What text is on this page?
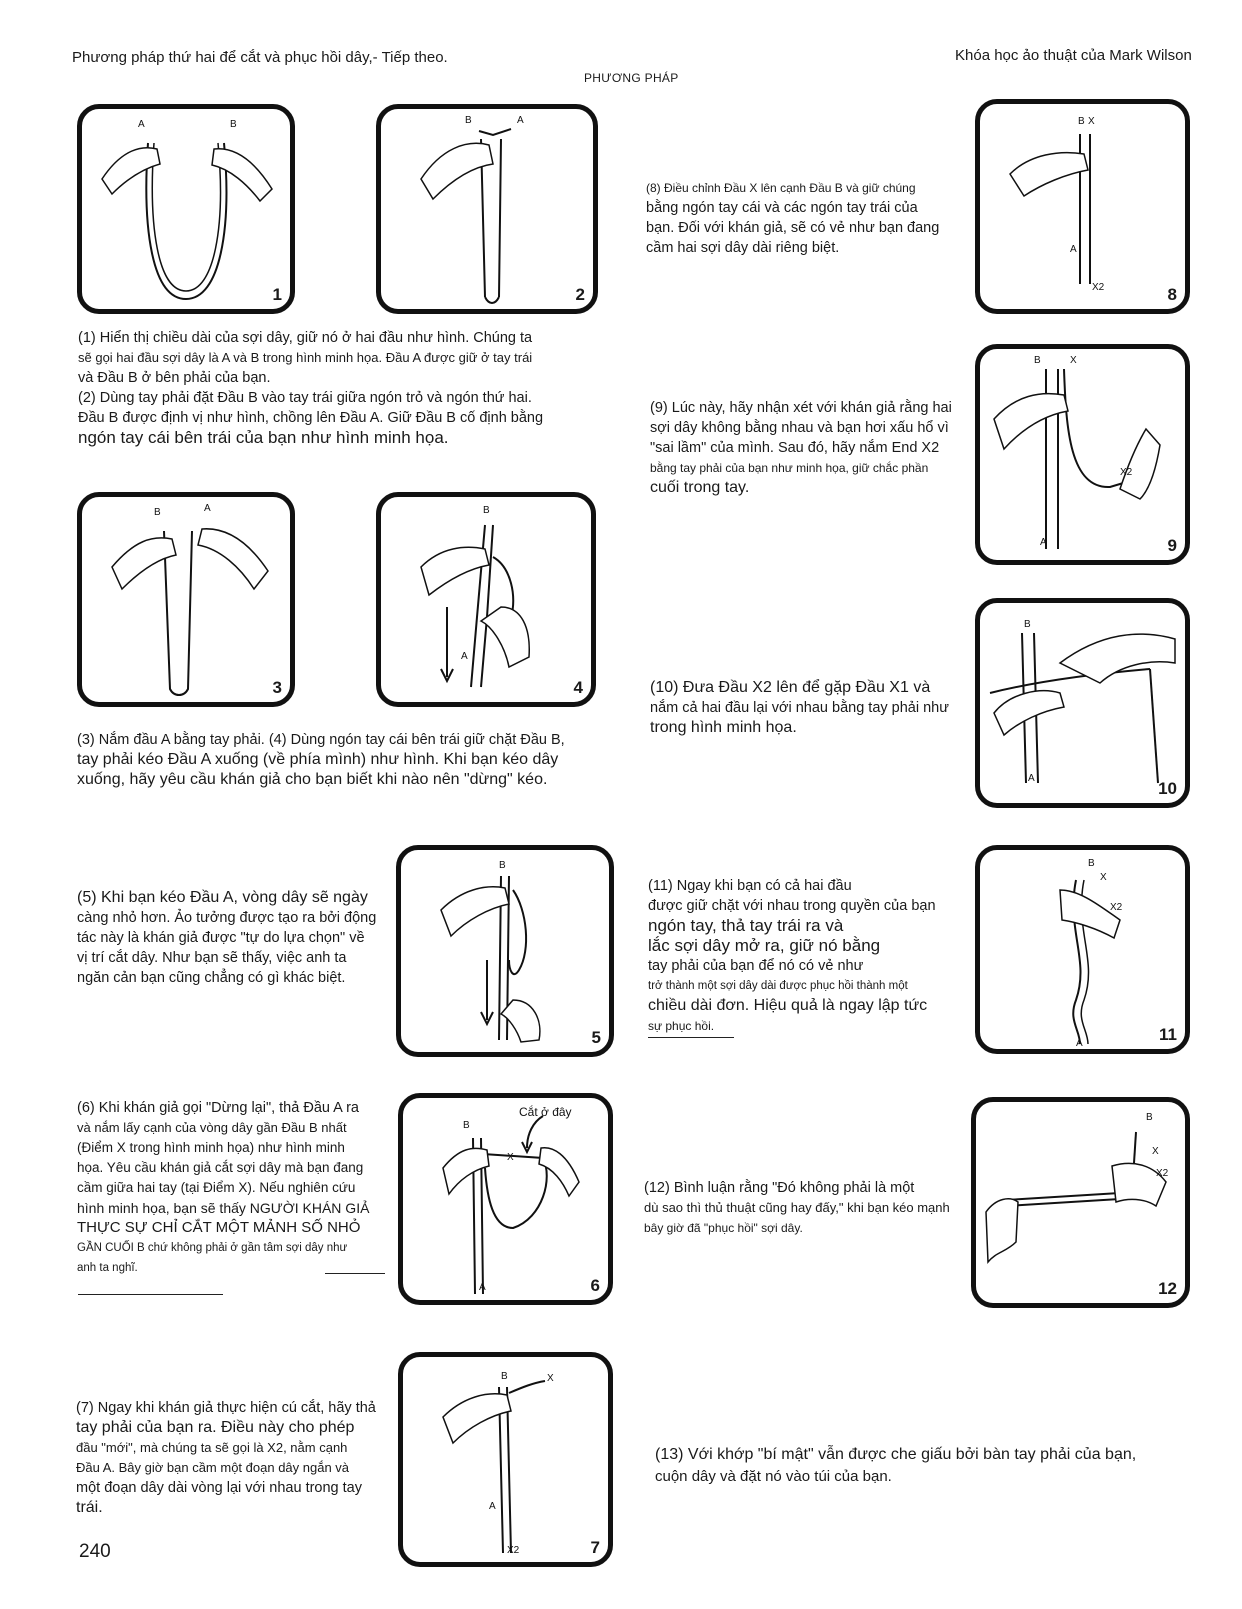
Phương pháp thứ hai để cắt và phục hồi dây,- Tiếp theo.	Khóa học ảo thuật của Mark Wilson
PHƯƠNG PHÁP
A	B
1
B	A
2
B X
A
X2	8
(8) Điều chỉnh Đầu X lên cạnh Đầu B và giữ chúng
bằng ngón tay cái và các ngón tay trái của
bạn. Đối với khán giả, sẽ có vẻ như bạn đang
cầm hai sợi dây dài riêng biệt.
(1) Hiển thị chiều dài của sợi dây, giữ nó ở hai đầu như hình. Chúng ta
sẽ gọi hai đầu sợi dây là A và B trong hình minh họa. Đầu A được giữ ở tay trái
và Đầu B ở bên phải của bạn.
(2) Dùng tay phải đặt Đầu B vào tay trái giữa ngón trỏ và ngón thứ hai.
Đầu B được định vị như hình, chồng lên Đầu A. Giữ Đầu B cố định bằng
ngón tay cái bên trái của bạn như hình minh họa.
B	X
A
X2
9
(9) Lúc này, hãy nhận xét với khán giả rằng hai
sợi dây không bằng nhau và bạn hơi xấu hổ vì
"sai lầm" của mình. Sau đó, hãy nắm End X2
bằng tay phải của bạn như minh họa, giữ chắc phần
cuối trong tay.
B	A
3
B
A
4
B
A
10
(10) Đưa Đầu X2 lên để gặp Đầu X1 và
nắm cả hai đầu lại với nhau bằng tay phải như
trong hình minh họa.
(3) Nắm đầu A bằng tay phải. (4) Dùng ngón tay cái bên trái giữ chặt Đầu B,
tay phải kéo Đầu A xuống (về phía mình) như hình. Khi bạn kéo dây
xuống, hãy yêu cầu khán giả cho bạn biết khi nào nên "dừng" kéo.
B
5
(5) Khi bạn kéo Đầu A, vòng dây sẽ ngày
càng nhỏ hơn. Ảo tưởng được tạo ra bởi động
tác này là khán giả được "tự do lựa chọn" về
vị trí cắt dây. Như bạn sẽ thấy, việc anh ta
ngăn cản bạn cũng chẳng có gì khác biệt.
B
X
X2
A	11
(11) Ngay khi bạn có cả hai đầu
được giữ chặt với nhau trong quyền của bạn
ngón tay, thả tay trái ra và
lắc sợi dây mở ra, giữ nó bằng
tay phải của bạn để nó có vẻ như
trở thành một sợi dây dài được phục hồi thành một
chiều dài đơn. Hiệu quả là ngay lập tức
sự phục hồi.
Cắt ở đây
B
A
X
6
(6) Khi khán giả gọi "Dừng lại", thả Đầu A ra
và nắm lấy cạnh của vòng dây gần Đầu B nhất
(Điểm X trong hình minh họa) như hình minh
họa. Yêu cầu khán giả cắt sợi dây mà bạn đang
cầm giữa hai tay (tại Điểm X). Nếu nghiên cứu
hình minh họa, bạn sẽ thấy NGƯỜI KHÁN GIẢ
THỰC SỰ CHỈ CẮT MỘT MẢNH SỐ NHỎ
GẦN CUỐI B chứ không phải ở gần tâm sợi dây như
anh ta nghĩ.
B
X
X2
12
(12) Bình luận rằng "Đó không phải là một
dù sao thì thủ thuật cũng hay đấy," khi bạn kéo mạnh
bây giờ đã "phục hồi" sợi dây.
B	X
A
X2	7
(7) Ngay khi khán giả thực hiện cú cắt, hãy thả
tay phải của bạn ra. Điều này cho phép
đầu "mới", mà chúng ta sẽ gọi là X2, nằm cạnh
Đầu A. Bây giờ bạn cầm một đoạn dây ngắn và
một đoạn dây dài vòng lại với nhau trong tay
trái.
(13) Với khớp "bí mật" vẫn được che giấu bởi bàn tay phải của bạn,
cuộn dây và đặt nó vào túi của bạn.
240
